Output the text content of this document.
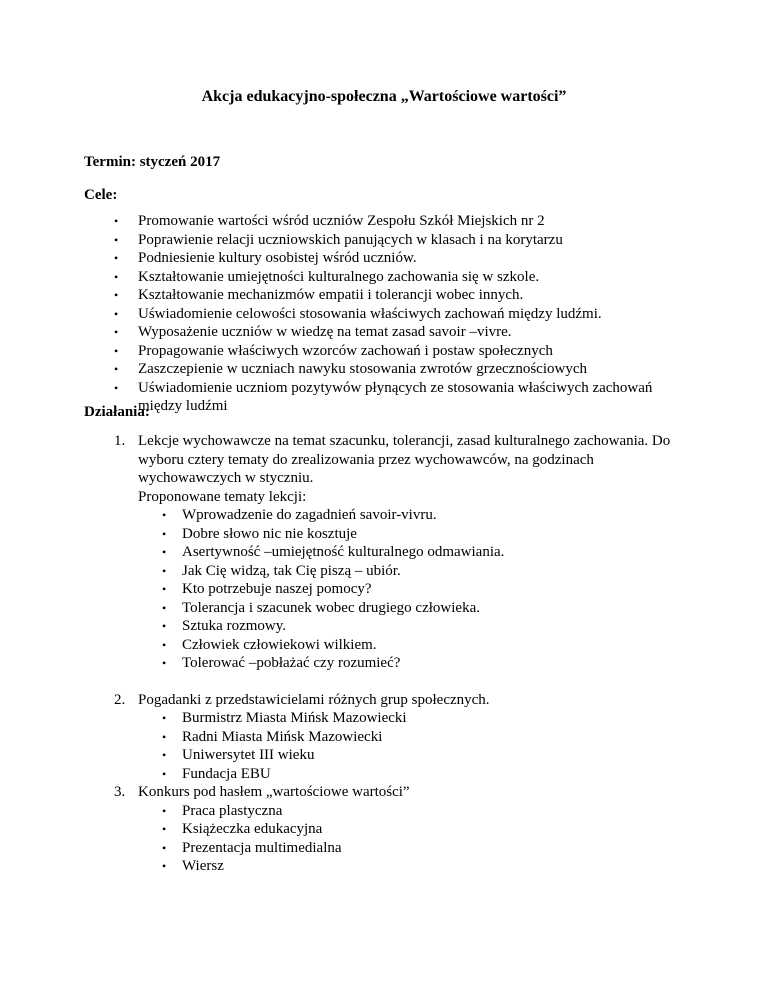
Akcja edukacyjno-społeczna „Wartościowe wartości”
Termin: styczeń 2017
Cele:
• Promowanie wartości wśród uczniów Zespołu Szkół Miejskich nr 2
• Poprawienie relacji uczniowskich panujących w klasach i na korytarzu
• Podniesienie kultury osobistej wśród uczniów.
• Kształtowanie umiejętności kulturalnego zachowania się w szkole.
• Kształtowanie mechanizmów empatii i tolerancji wobec innych.
• Uświadomienie celowości stosowania właściwych zachowań między ludźmi.
• Wyposażenie uczniów w wiedzę na temat zasad savoir –vivre.
• Propagowanie właściwych wzorców zachowań i postaw społecznych
• Zaszczepienie w uczniach nawyku stosowania zwrotów grzecznościowych
• Uświadomienie uczniom pozytywów płynących ze stosowania właściwych zachowań między ludźmi
Działania:
1. Lekcje wychowawcze na temat szacunku, tolerancji, zasad kulturalnego zachowania. Do wyboru cztery tematy do zrealizowania przez wychowawców, na godzinach wychowawczych w styczniu.
Proponowane tematy lekcji:
• Wprowadzenie do zagadnień savoir-vivru.
• Dobre słowo nic nie kosztuje
• Asertywność –umiejętność kulturalnego odmawiania.
• Jak Cię widzą, tak Cię piszą – ubiór.
• Kto potrzebuje naszej pomocy?
• Tolerancja i szacunek wobec drugiego człowieka.
• Sztuka rozmowy.
• Człowiek człowiekowi wilkiem.
• Tolerować –pobłażać czy rozumieć?
2. Pogadanki z przedstawicielami różnych grup społecznych.
• Burmistrz Miasta Mińsk Mazowiecki
• Radni Miasta Mińsk Mazowiecki
• Uniwersytet III wieku
• Fundacja EBU
3. Konkurs pod hasłem „wartościowe wartości”
• Praca plastyczna
• Książeczka edukacyjna
• Prezentacja multimedialna
• Wiersz
